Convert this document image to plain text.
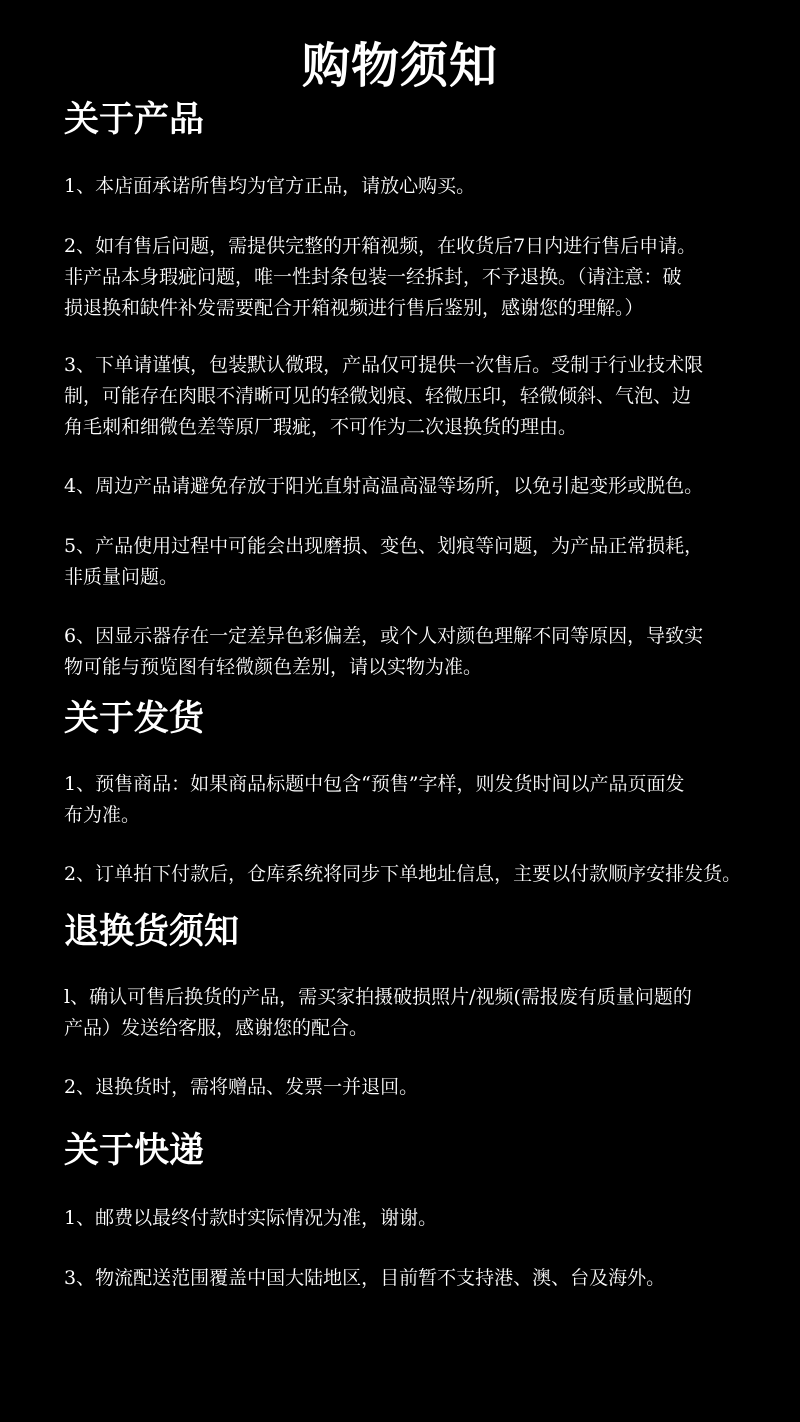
购物须知
关于产品
1、本店面承诺所售均为官方正品，请放心购买。
2、如有售后问题，需提供完整的开箱视频，在收货后7日内进行售后申请。
非产品本身瑕疵问题，唯一性封条包装一经拆封，不予退换。（请注意：破
损退换和缺件补发需要配合开箱视频进行售后鉴别，感谢您的理解。）
3、下单请谨慎，包装默认微瑕，产品仅可提供一次售后。受制于行业技术限
制，可能存在肉眼不清晰可见的轻微划痕、轻微压印，轻微倾斜、气泡、边
角毛刺和细微色差等原厂瑕疵，不可作为二次退换货的理由。
4、周边产品请避免存放于阳光直射高温高湿等场所，以免引起变形或脱色。
5、产品使用过程中可能会出现磨损、变色、划痕等问题，为产品正常损耗，
非质量问题。
6、因显示器存在一定差异色彩偏差，或个人对颜色理解不同等原因，导致实
物可能与预览图有轻微颜色差别，请以实物为准。
关于发货
1、预售商品：如果商品标题中包含“预售”字样，则发货时间以产品页面发
布为准。
2、订单拍下付款后，仓库系统将同步下单地址信息，主要以付款顺序安排发货。
退换货须知
l、确认可售后换货的产品，需买家拍摄破损照片/视频(需报废有质量问题的
产品）发送给客服，感谢您的配合。
2、退换货时，需将赠品、发票一并退回。
关于快递
1、邮费以最终付款时实际情况为准，谢谢。
3、物流配送范围覆盖中国大陆地区，目前暂不支持港、澳、台及海外。
